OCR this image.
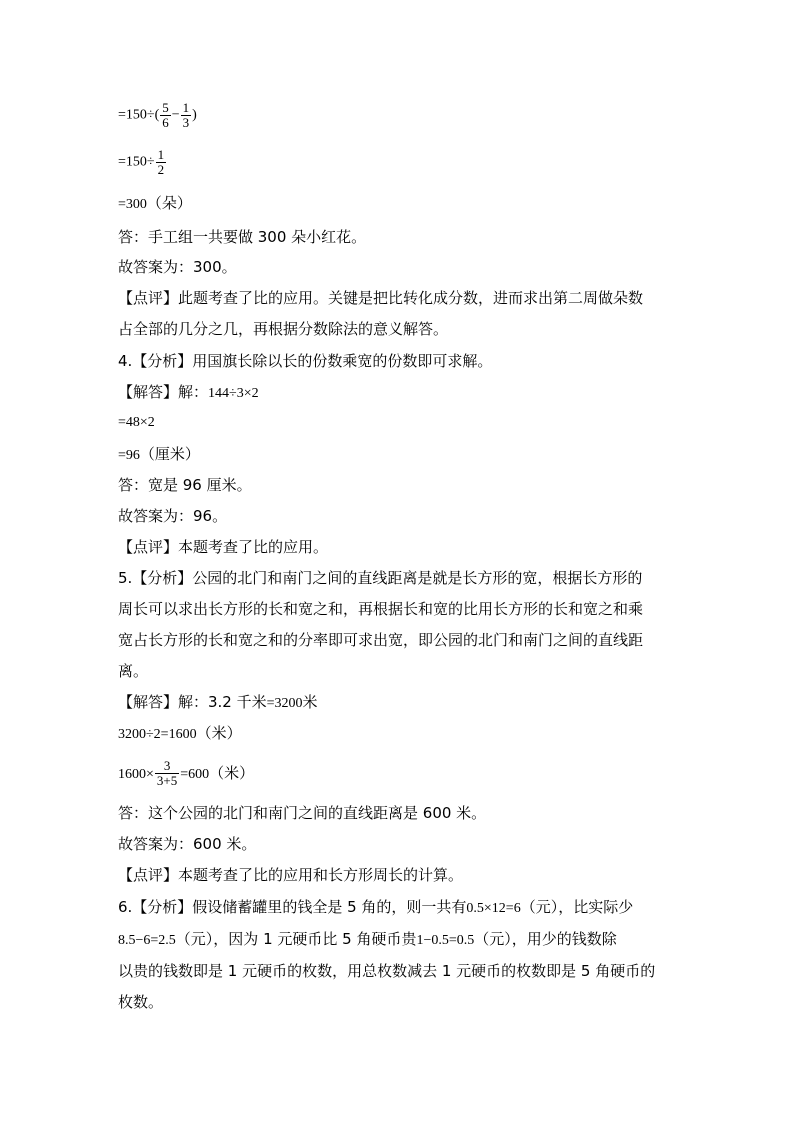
$=150\div( \frac{5}{6} - \frac{1}{3}$ )
$=150\div \frac{1}{2}$
=300（朵）
答：手工组一共要做 300 朵小红花。
故答案为：300。
【点评】此题考查了比的应用。关键是把比转化成分数，进而求出第二周做朵数
占全部的几分之几，再根据分数除法的意义解答。
4.【分析】用国旗长除以长的份数乘宽的份数即可求解。
【解答】解：144÷3×2
=48×2
=96（厘米）
答：宽是 96 厘米。
故答案为：96。
【点评】本题考查了比的应用。
5.【分析】公园的北门和南门之间的直线距离是就是长方形的宽，根据长方形的
周长可以求出长方形的长和宽之和，再根据长和宽的比用长方形的长和宽之和乘
宽占长方形的长和宽之和的分率即可求出宽，即公园的北门和南门之间的直线距
离。
【解答】解：3.2 千米=3200米
3200÷2=1600（米）
$1600\times \frac{3}{3+5} =600$（米）
答：这个公园的北门和南门之间的直线距离是 600 米。
故答案为：600 米。
【点评】本题考查了比的应用和长方形周长的计算。
6.【分析】假设储蓄罐里的钱全是 5 角的，则一共有0.5×12=6（元），比实际少
8.5−6=2.5（元），因为 1 元硬币比 5 角硬币贵1−0.5=0.5（元），用少的钱数除
以贵的钱数即是 1 元硬币的枚数，用总枚数减去 1 元硬币的枚数即是 5 角硬币的
枚数。
